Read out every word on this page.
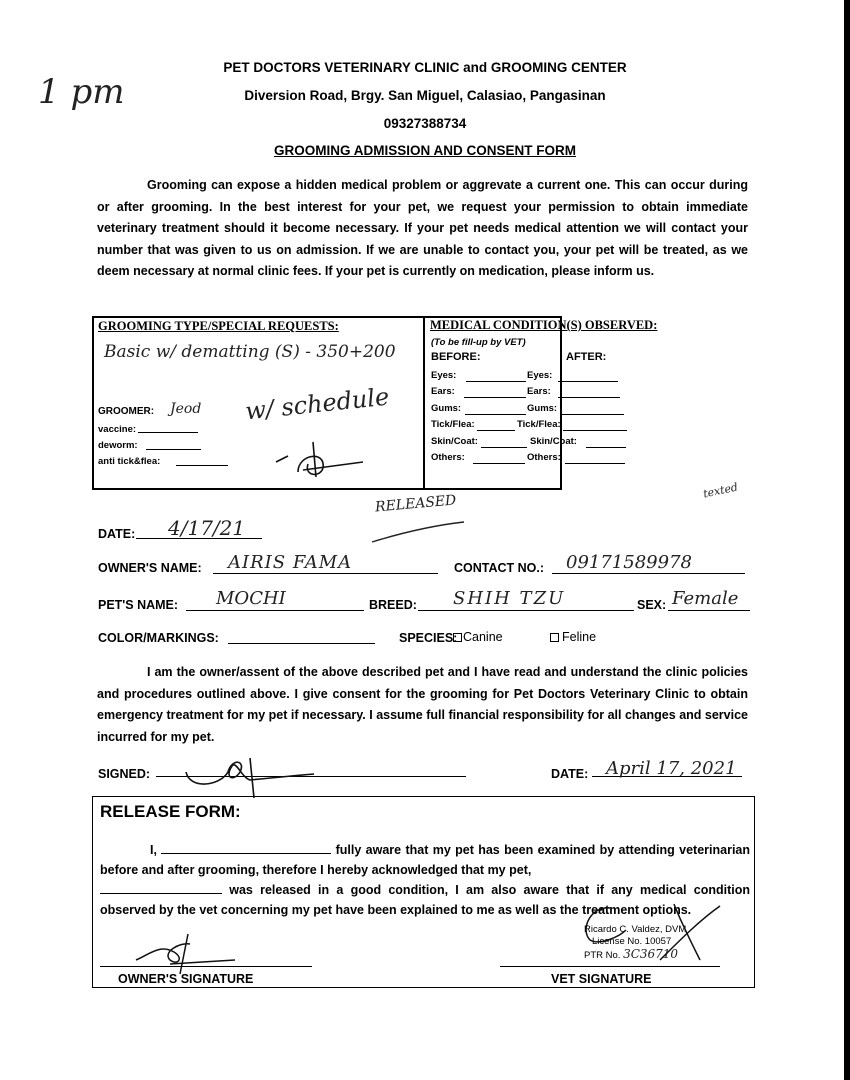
1 pm
PET DOCTORS VETERINARY CLINIC and GROOMING CENTER
Diversion Road, Brgy. San Miguel, Calasiao, Pangasinan
09327388734
GROOMING ADMISSION AND CONSENT FORM
Grooming can expose a hidden medical problem or aggrevate a current one. This can occur during or after grooming. In the best interest for your pet, we request your permission to obtain immediate veterinary treatment should it become necessary. If your pet needs medical attention we will contact your number that was given to us on admission. If we are unable to contact you, your pet will be treated, as we deem necessary at normal clinic fees. If your pet is currently on medication, please inform us.
GROOMING TYPE/SPECIAL REQUESTS:
Basic w/ dematting (S) - 350+200
GROOMER: Jeod w/ schedule
vaccine:
deworm:
anti tick&flea:
MEDICAL CONDITION(S) OBSERVED:
(To be fill-up by VET)
BEFORE:	AFTER:
Eyes:	Eyes:
Ears:	Ears:
Gums:	Gums:
Tick/Flea:	Tick/Flea:
Skin/Coat:	Skin/Coat:
Others:	Others:
RELEASED
texted
DATE: 4/17/21
OWNER'S NAME: AIRIS FAMA	CONTACT NO.: 09171589978
PET'S NAME: MOCHI	BREED: SHIH TZU	SEX: Female
COLOR/MARKINGS:	SPECIES: Canine	Feline
I am the owner/assent of the above described pet and I have read and understand the clinic policies and procedures outlined above. I give consent for the grooming for Pet Doctors Veterinary Clinic to obtain emergency treatment for my pet if necessary. I assume full financial responsibility for all changes and service incurred for my pet.
SIGNED:	DATE: April 17, 2021
RELEASE FORM:
I,	fully aware that my pet has been examined by attending veterinarian before and after grooming, therefore I hereby acknowledged that my pet,
was released in a good condition, I am also aware that if any medical condition observed by the vet concerning my pet have been explained to me as well as the treatment options.
OWNER'S SIGNATURE
Ricardo C. Valdez, DVM
License No. 10057
PTR No. 3C36710
VET SIGNATURE
